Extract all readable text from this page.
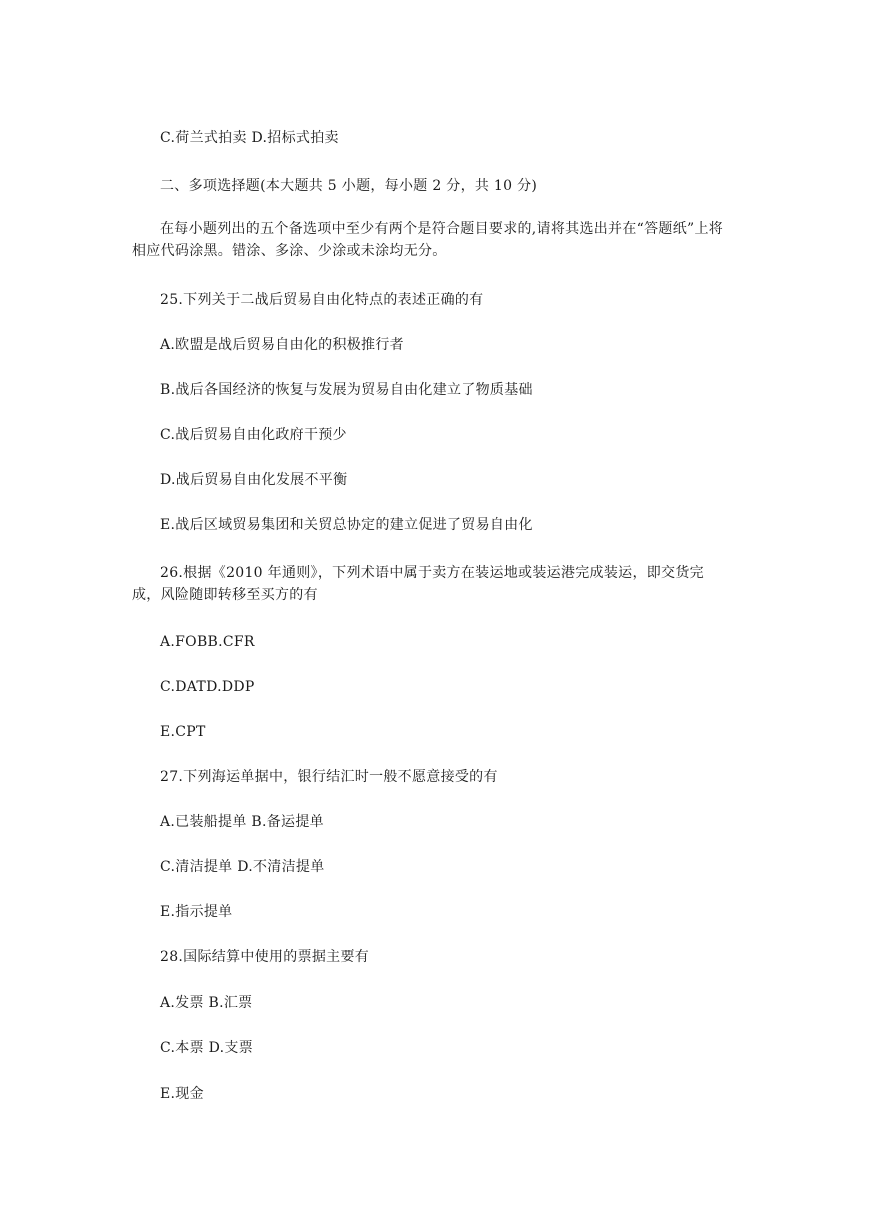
C.荷兰式拍卖 D.招标式拍卖
二、多项选择题(本大题共 5 小题，每小题 2 分，共 10 分)
在每小题列出的五个备选项中至少有两个是符合题目要求的,请将其选出并在“答题纸”上将相应代码涂黑。错涂、多涂、少涂或未涂均无分。
25.下列关于二战后贸易自由化特点的表述正确的有
A.欧盟是战后贸易自由化的积极推行者
B.战后各国经济的恢复与发展为贸易自由化建立了物质基础
C.战后贸易自由化政府干预少
D.战后贸易自由化发展不平衡
E.战后区域贸易集团和关贸总协定的建立促进了贸易自由化
26.根据《2010 年通则》，下列术语中属于卖方在装运地或装运港完成装运，即交货完成，风险随即转移至买方的有
A.FOBB.CFR
C.DATD.DDP
E.CPT
27.下列海运单据中，银行结汇时一般不愿意接受的有
A.已装船提单 B.备运提单
C.清洁提单 D.不清洁提单
E.指示提单
28.国际结算中使用的票据主要有
A.发票 B.汇票
C.本票 D.支票
E.现金
